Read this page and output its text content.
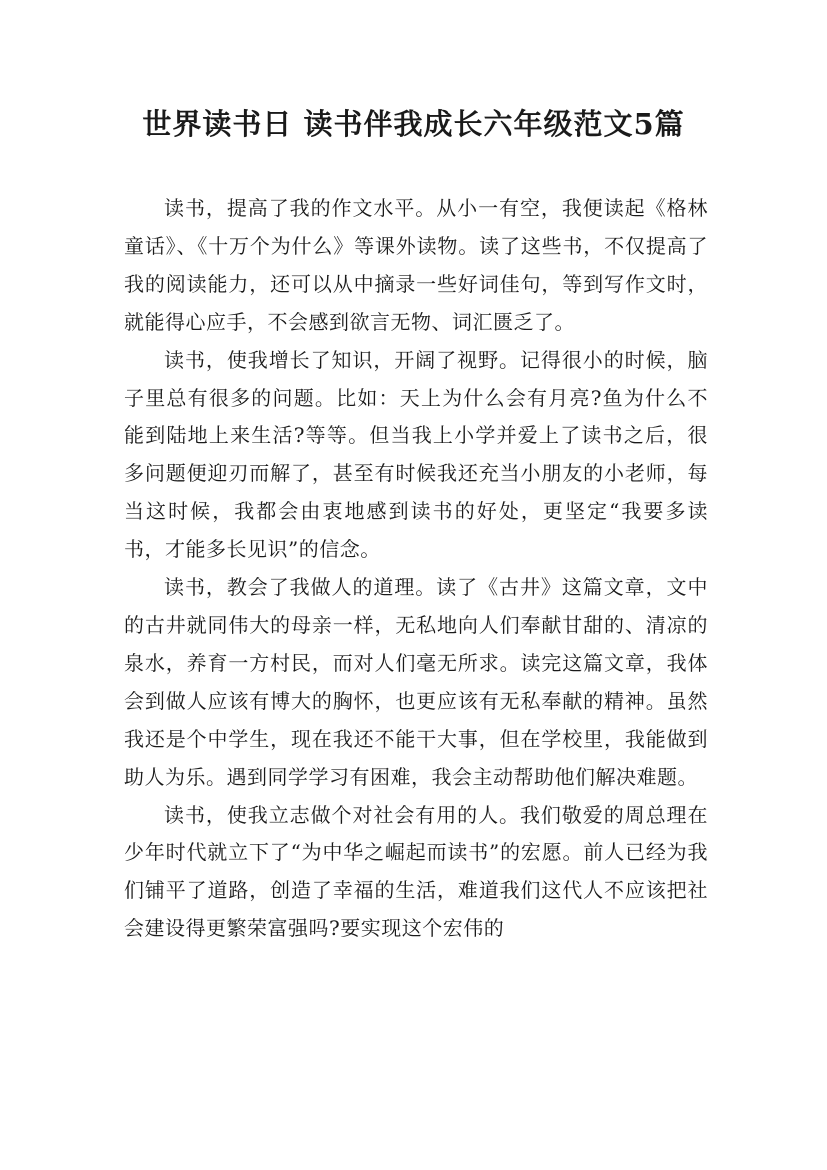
世界读书日 读书伴我成长六年级范文5篇

读书，提高了我的作文水平。从小一有空，我便读起《格林童话》、《十万个为什么》等课外读物。读了这些书，不仅提高了我的阅读能力，还可以从中摘录一些好词佳句，等到写作文时，就能得心应手，不会感到欲言无物、词汇匮乏了。

读书，使我增长了知识，开阔了视野。记得很小的时候，脑子里总有很多的问题。比如：天上为什么会有月亮?鱼为什么不能到陆地上来生活?等等。但当我上小学并爱上了读书之后，很多问题便迎刃而解了，甚至有时候我还充当小朋友的小老师，每当这时候，我都会由衷地感到读书的好处，更坚定“我要多读书，才能多长见识”的信念。

读书，教会了我做人的道理。读了《古井》这篇文章，文中的古井就同伟大的母亲一样，无私地向人们奉献甘甜的、清凉的泉水，养育一方村民，而对人们毫无所求。读完这篇文章，我体会到做人应该有博大的胸怀，也更应该有无私奉献的精神。虽然我还是个中学生，现在我还不能干大事，但在学校里，我能做到助人为乐。遇到同学学习有困难，我会主动帮助他们解决难题。

读书，使我立志做个对社会有用的人。我们敬爱的周总理在少年时代就立下了“为中华之崛起而读书”的宏愿。前人已经为我们铺平了道路，创造了幸福的生活，难道我们这代人不应该把社会建设得更繁荣富强吗?要实现这个宏伟的
